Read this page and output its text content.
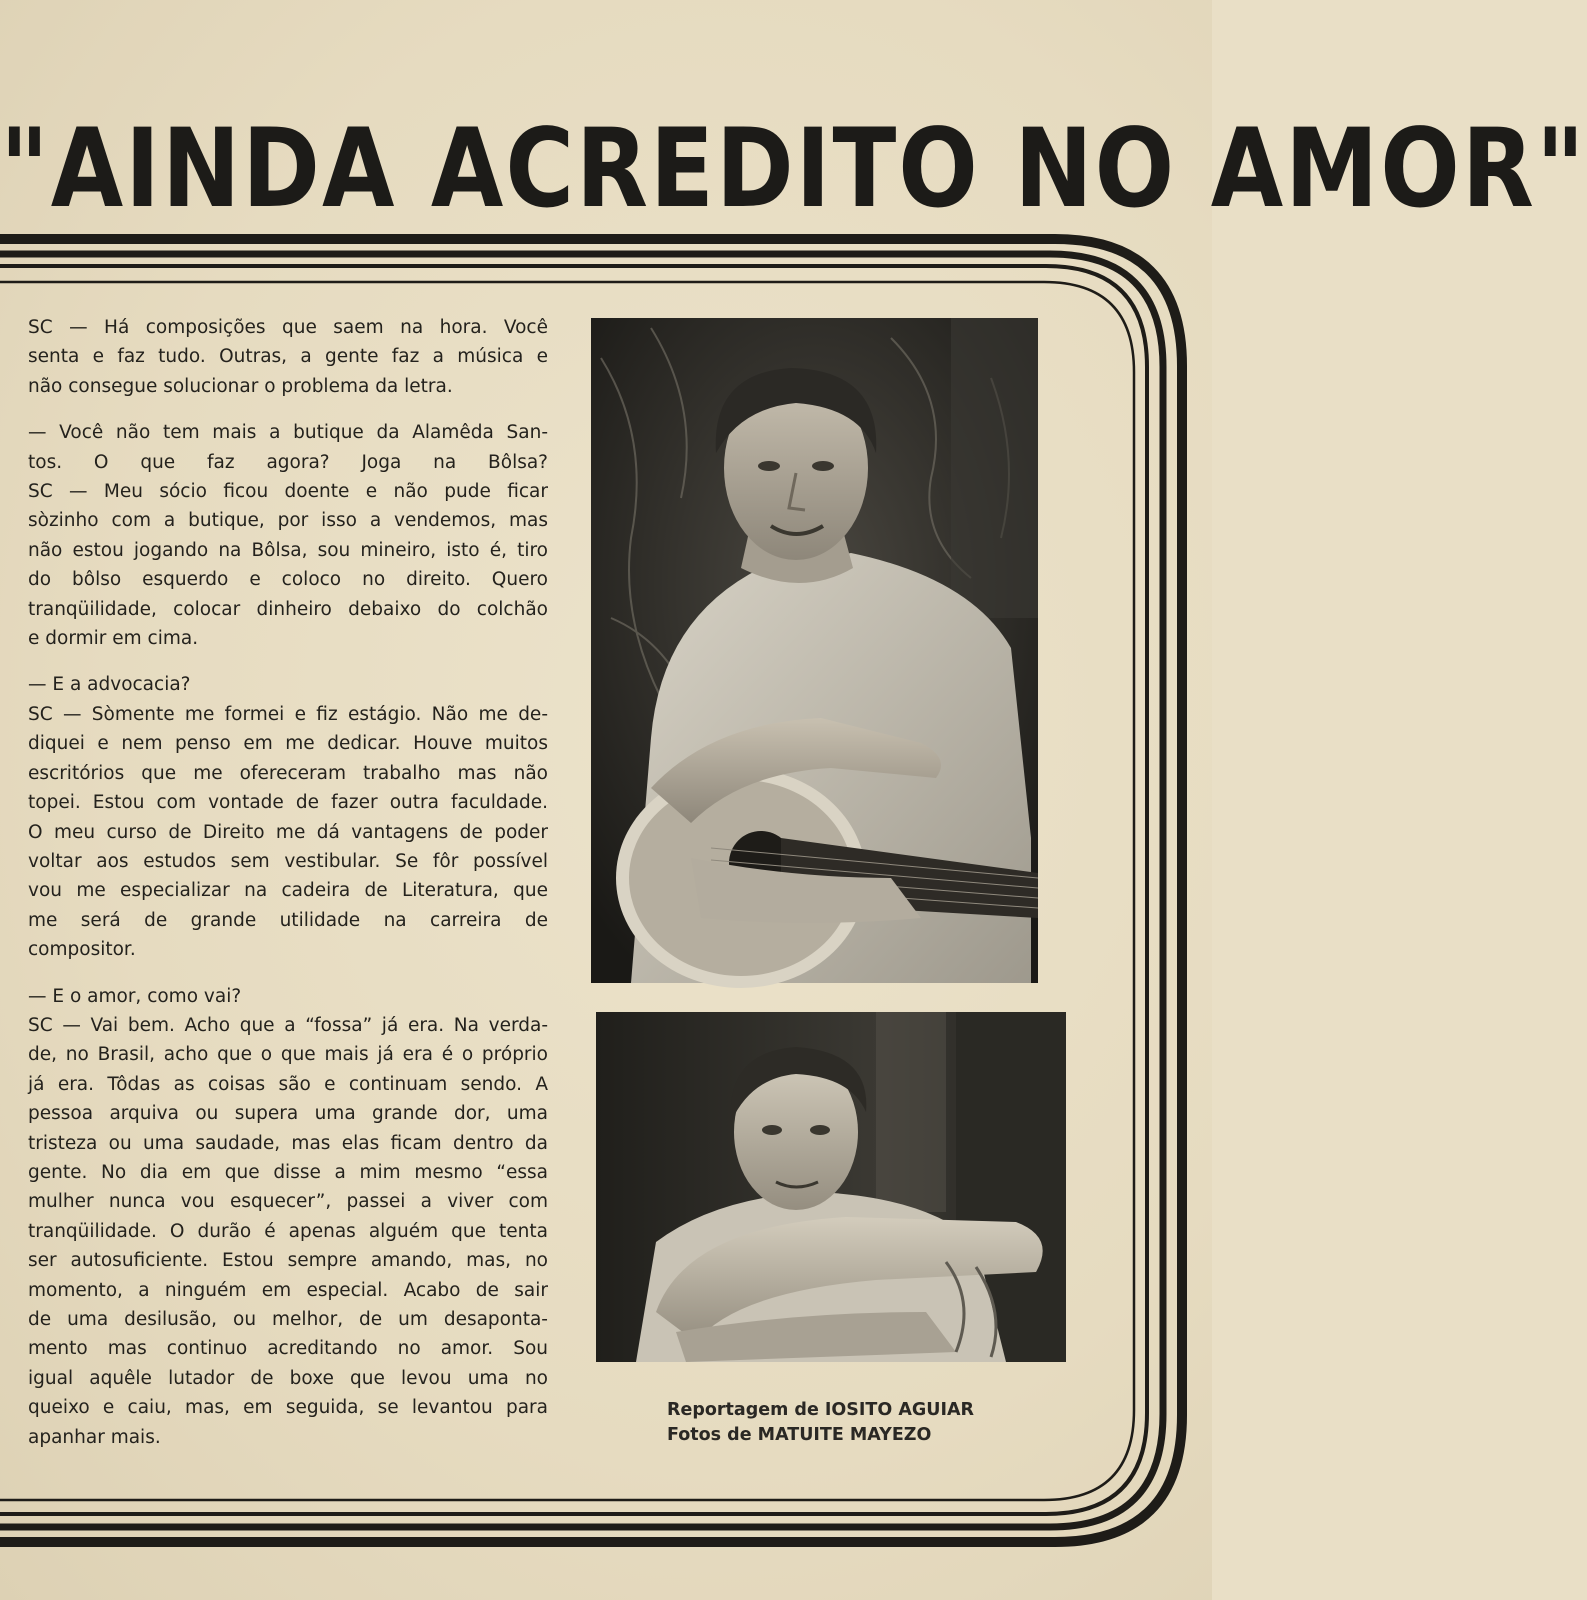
"AINDA ACREDITO NO AMOR"
SC — Há composições que saem na hora. Você
senta e faz tudo. Outras, a gente faz a música e
não consegue solucionar o problema da letra.
— Você não tem mais a butique da Alamêda San-
tos. O que faz agora? Joga na Bôlsa?
SC — Meu sócio ficou doente e não pude ficar
sòzinho com a butique, por isso a vendemos, mas
não estou jogando na Bôlsa, sou mineiro, isto é, tiro
do bôlso esquerdo e coloco no direito. Quero
tranqüilidade, colocar dinheiro debaixo do colchão
e dormir em cima.
— E a advocacia?
SC — Sòmente me formei e fiz estágio. Não me de-
diquei e nem penso em me dedicar. Houve muitos
escritórios que me ofereceram trabalho mas não
topei. Estou com vontade de fazer outra faculdade.
O meu curso de Direito me dá vantagens de poder
voltar aos estudos sem vestibular. Se fôr possível
vou me especializar na cadeira de Literatura, que
me será de grande utilidade na carreira de
compositor.
— E o amor, como vai?
SC — Vai bem. Acho que a “fossa” já era. Na verda-
de, no Brasil, acho que o que mais já era é o próprio
já era. Tôdas as coisas são e continuam sendo. A
pessoa arquiva ou supera uma grande dor, uma
tristeza ou uma saudade, mas elas ficam dentro da
gente. No dia em que disse a mim mesmo “essa
mulher nunca vou esquecer”, passei a viver com
tranqüilidade. O durão é apenas alguém que tenta
ser autosuficiente. Estou sempre amando, mas, no
momento, a ninguém em especial. Acabo de sair
de uma desilusão, ou melhor, de um desaponta-
mento mas continuo acreditando no amor. Sou
igual aquêle lutador de boxe que levou uma no
queixo e caiu, mas, em seguida, se levantou para
apanhar mais.
Reportagem de IOSITO AGUIAR
Fotos de MATUITE MAYEZO
